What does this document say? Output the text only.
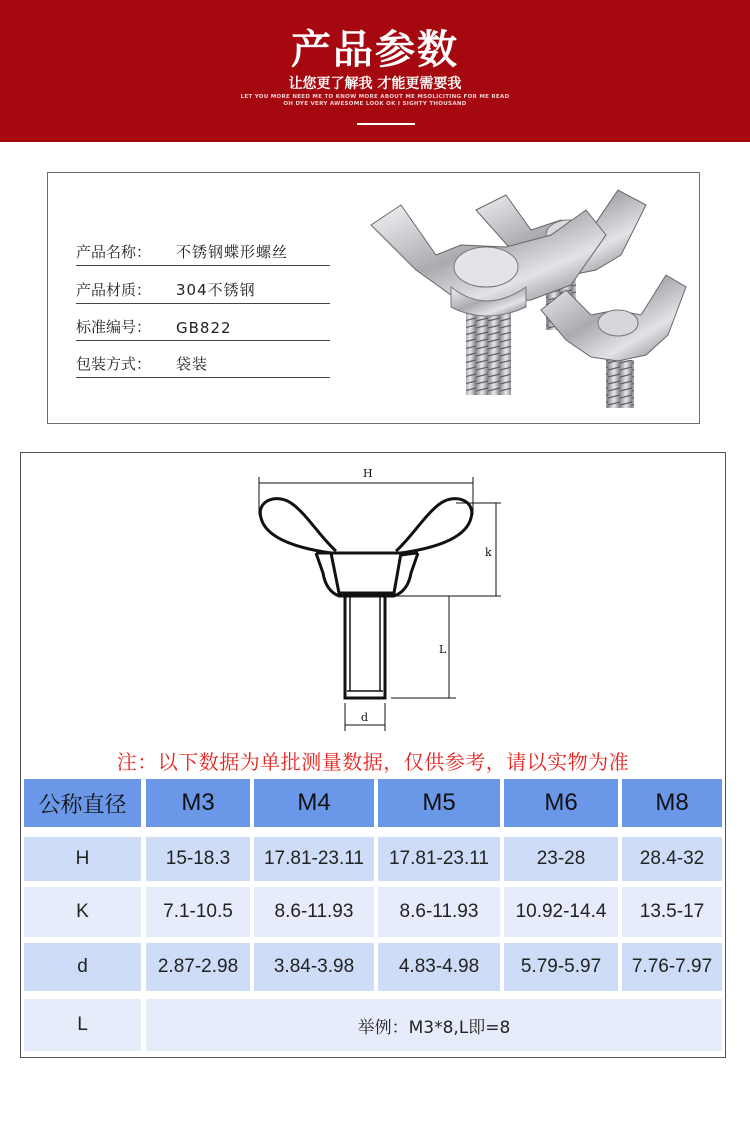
产品参数
让您更了解我 才能更需要我
LET YOU MORE NEED ME TO KNOW MORE ABOUT ME MSOLICITING FOR ME READ
OH DYE VERY AWESOME LOOK OK I SIGHTY THOUSAND
产品名称： 不锈钢蝶形螺丝
产品材质： 304不锈钢
标准编号： GB822
包装方式： 袋装
H
k
L
d
注：以下数据为单批测量数据，仅供参考，请以实物为准
公称直径	M3	M4	M5	M6	M8
H	15-18.3	17.81-23.11	17.81-23.11	23-28	28.4-32
K	7.1-10.5	8.6-11.93	8.6-11.93	10.92-14.4	13.5-17
d	2.87-2.98	3.84-3.98	4.83-4.98	5.79-5.97	7.76-7.97
L	举例：M3*8,L即=8
